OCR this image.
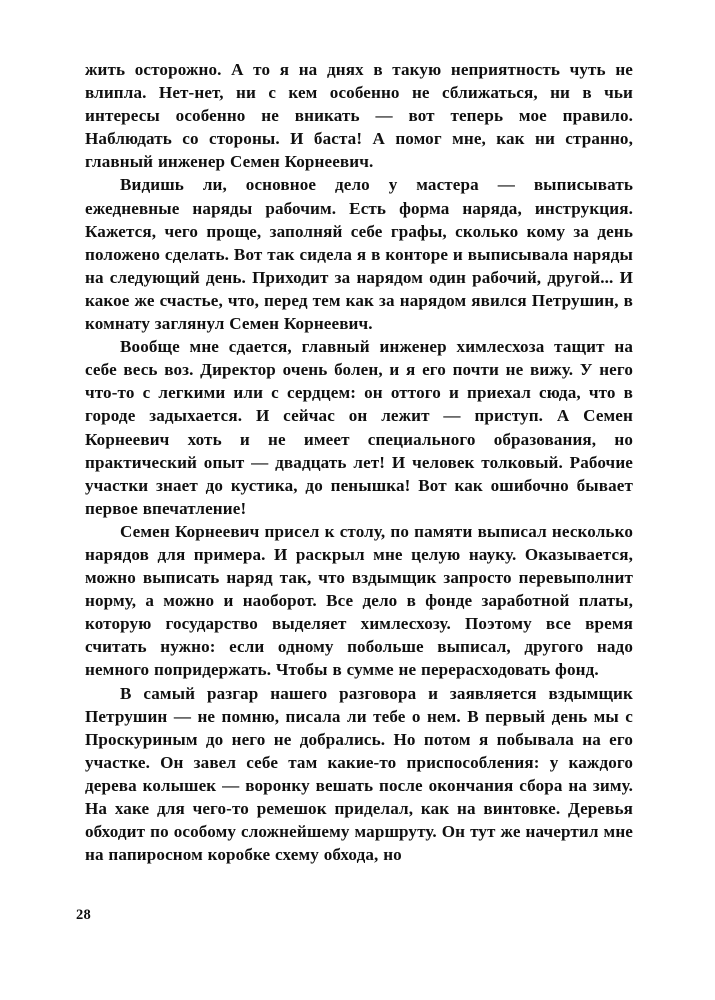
жить осторожно. А то я на днях в такую неприятность чуть не влипла. Нет-нет, ни с кем особенно не сближаться, ни в чьи интересы особенно не вникать — вот теперь мое правило. Наблюдать со стороны. И баста! А помог мне, как ни странно, главный инженер Семен Корнеевич.

Видишь ли, основное дело у мастера — выписывать ежедневные наряды рабочим. Есть форма наряда, инструкция. Кажется, чего проще, заполняй себе графы, сколько кому за день положено сделать. Вот так сидела я в конторе и выписывала наряды на следующий день. Приходит за нарядом один рабочий, другой... И какое же счастье, что, перед тем как за нарядом явился Петрушин, в комнату заглянул Семен Корнеевич.

Вообще мне сдается, главный инженер химлесхоза тащит на себе весь воз. Директор очень болен, и я его почти не вижу. У него что-то с легкими или с сердцем: он оттого и приехал сюда, что в городе задыхается. И сейчас он лежит — приступ. А Семен Корнеевич хоть и не имеет специального образования, но практический опыт — двадцать лет! И человек толковый. Рабочие участки знает до кустика, до пенышка! Вот как ошибочно бывает первое впечатление!

Семен Корнеевич присел к столу, по памяти выписал несколько нарядов для примера. И раскрыл мне целую науку. Оказывается, можно выписать наряд так, что вздымщик запросто перевыполнит норму, а можно и наоборот. Все дело в фонде заработной платы, которую государство выделяет химлесхозу. Поэтому все время считать нужно: если одному побольше выписал, другого надо немного попридержать. Чтобы в сумме не перерасходовать фонд.

В самый разгар нашего разговора и заявляется вздымщик Петрушин — не помню, писала ли тебе о нем. В первый день мы с Проскуриным до него не добрались. Но потом я побывала на его участке. Он завел себе там какие-то приспособления: у каждого дерева колышек — воронку вешать после окончания сбора на зиму. На хаке для чего-то ремешок приделал, как на винтовке. Деревья обходит по особому сложнейшему маршруту. Он тут же начертил мне на папиросном коробке схему обхода, но

28
